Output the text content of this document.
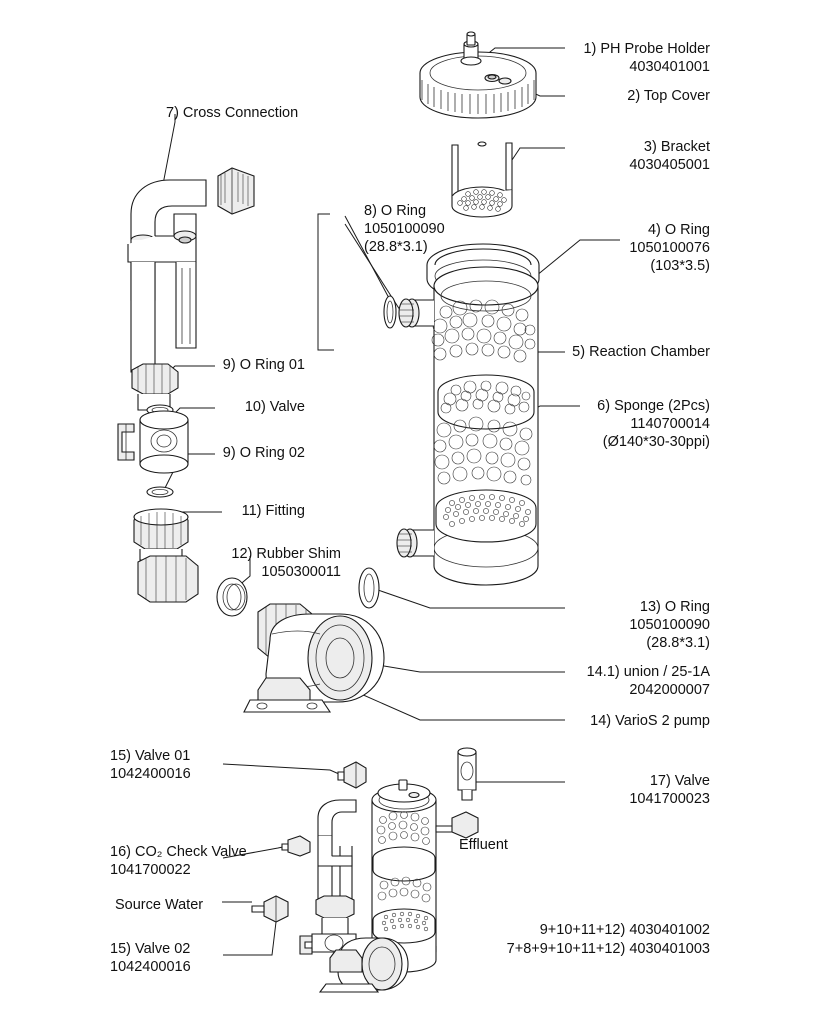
1) PH Probe Holder
4030401001
2) Top Cover
3) Bracket
4030405001
4) O Ring
1050100076
(103*3.5)
5) Reaction Chamber
6) Sponge (2Pcs)
1140700014
(Ø140*30-30ppi)
7) Cross Connection
8) O Ring
1050100090
(28.8*3.1)
9) O Ring 01
10) Valve
9) O Ring 02
11) Fitting
12) Rubber Shim
1050300011
13) O Ring
1050100090
(28.8*3.1)
14.1) union / 25-1A
2042000007
14) VarioS 2 pump
15) Valve 01
1042400016	17) Valve
1041700023
16) CO₂ Check Valve
1041700022
Effluent
Source Water
15) Valve 02
1042400016
9+10+11+12) 4030401002
7+8+9+10+11+12) 4030401003
